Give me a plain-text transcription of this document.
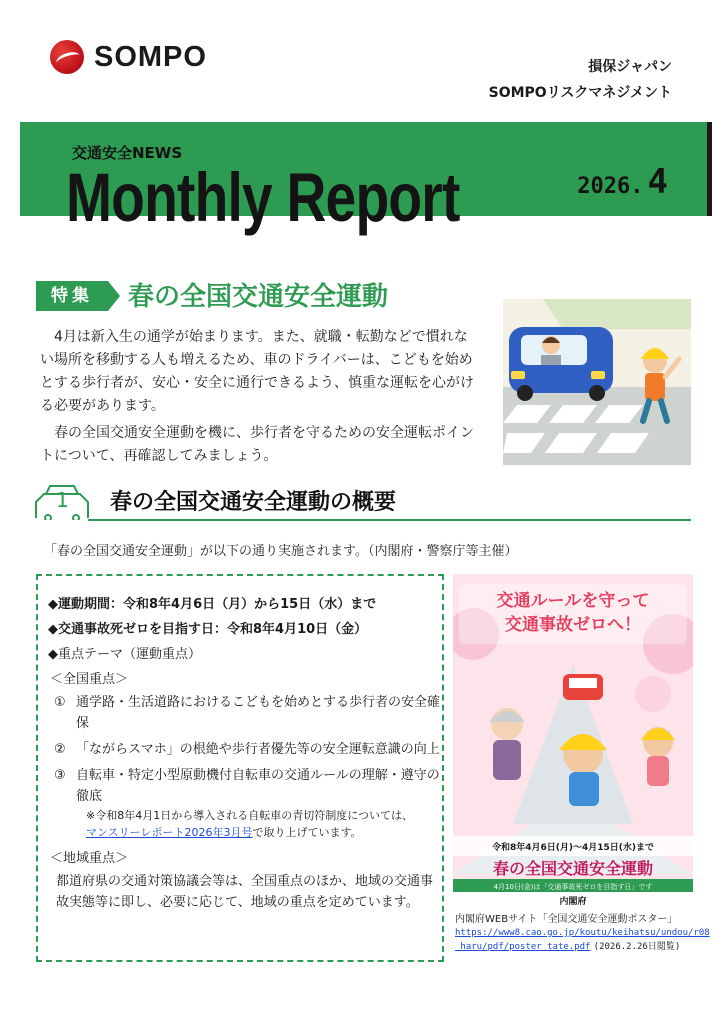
SOMPO	損保ジャパン
SOMPOリスクマネジメント
交通安全NEWS
Monthly Report	2026. 4
特集	春の全国交通安全運動

4月は新入生の通学が始まります。また、就職・転勤などで慣れない場所を移動する人も増えるため、車のドライバーは、こどもを始めとする歩行者が、安心・安全に通行できるよう、慎重な運転を心がける必要があります。

春の全国交通安全運動を機に、歩行者を守るための安全運転ポイントについて、再確認してみましょう。

1 春の全国交通安全運動の概要
「春の全国交通安全運動」が以下の通り実施されます。（内閣府・警察庁等主催）
◆運動期間：令和8年4月6日（月）から15日（水）まで
◆交通事故死ゼロを目指す日：令和8年4月10日（金）
◆重点テーマ（運動重点）
＜全国重点＞
① 通学路・生活道路におけるこどもを始めとする歩行者の安全確保
② 「ながらスマホ」の根絶や歩行者優先等の安全運転意識の向上
③ 自転車・特定小型原動機付自転車の交通ルールの理解・遵守の徹底
※令和8年4月1日から導入される自転車の青切符制度については、
マンスリーレポート2026年3月号で取り上げています。
＜地域重点＞
都道府県の交通対策協議会等は、全国重点のほか、地域の交通事故実態等に即し、必要に応じて、地域の重点を定めています。
交通ルールを守って
交通事故ゼロへ！
令和8年4月6日(月)～4月15日(水)まで
春の全国交通安全運動
4月10日(金)は「交通事故死ゼロを目指す日」です
内閣府
内閣府WEBサイト「全国交通安全運動ポスター」
https://www8.cao.go.jp/koutu/keihatsu/undou/r08
_haru/pdf/poster_tate.pdf (2026.2.26日閲覧)
